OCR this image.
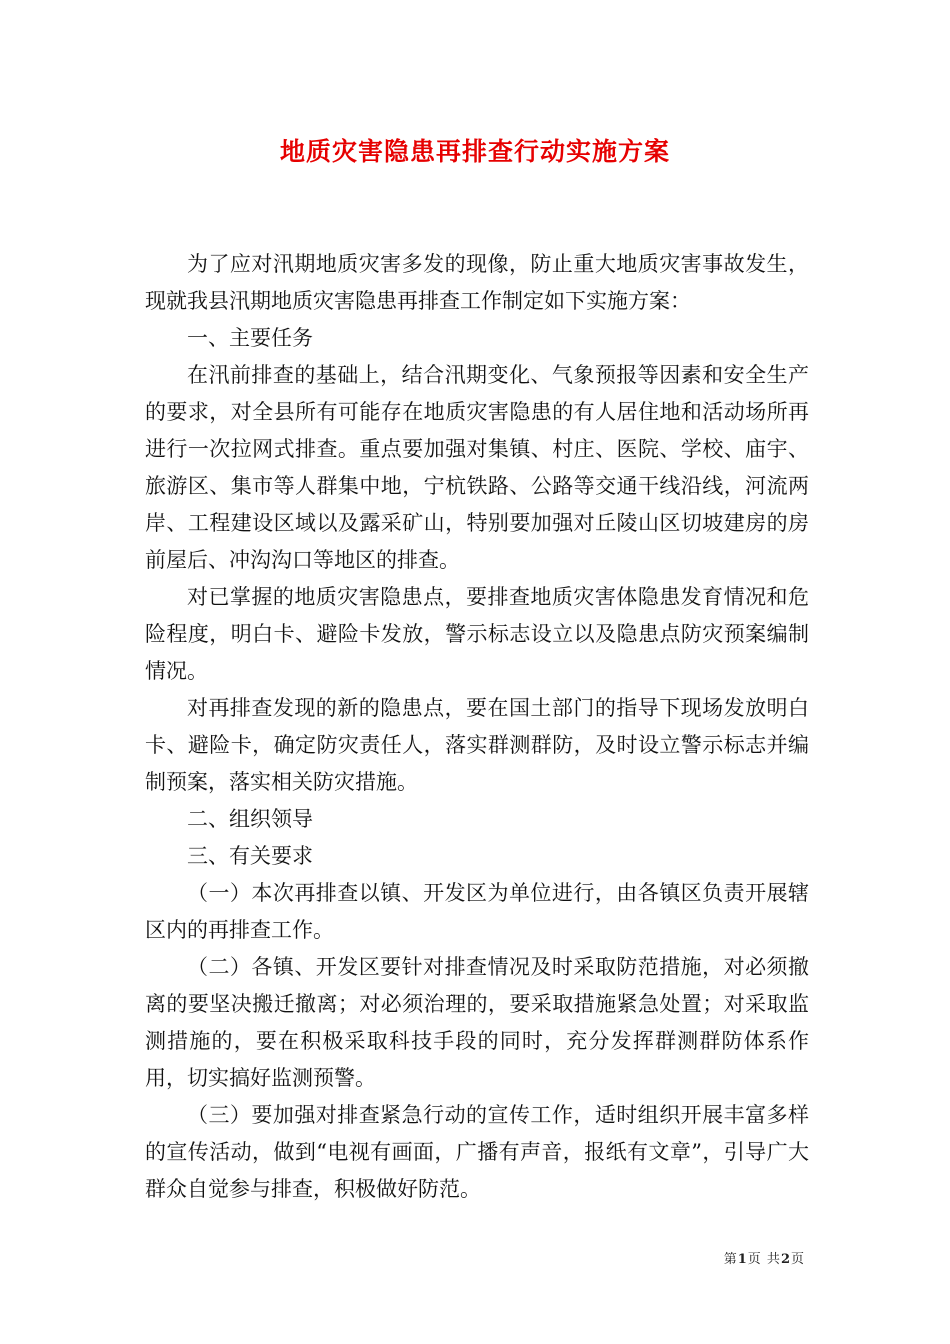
地质灾害隐患再排查行动实施方案

为了应对汛期地质灾害多发的现像，防止重大地质灾害事故发生，现就我县汛期地质灾害隐患再排查工作制定如下实施方案：

一、主要任务

在汛前排查的基础上，结合汛期变化、气象预报等因素和安全生产的要求，对全县所有可能存在地质灾害隐患的有人居住地和活动场所再进行一次拉网式排查。重点要加强对集镇、村庄、医院、学校、庙宇、旅游区、集市等人群集中地，宁杭铁路、公路等交通干线沿线，河流两岸、工程建设区域以及露采矿山，特别要加强对丘陵山区切坡建房的房前屋后、冲沟沟口等地区的排查。

对已掌握的地质灾害隐患点，要排查地质灾害体隐患发育情况和危险程度，明白卡、避险卡发放，警示标志设立以及隐患点防灾预案编制情况。

对再排查发现的新的隐患点，要在国土部门的指导下现场发放明白卡、避险卡，确定防灾责任人，落实群测群防，及时设立警示标志并编制预案，落实相关防灾措施。

二、组织领导

三、有关要求

（一）本次再排查以镇、开发区为单位进行，由各镇区负责开展辖区内的再排查工作。

（二）各镇、开发区要针对排查情况及时采取防范措施，对必须撤离的要坚决搬迁撤离；对必须治理的，要采取措施紧急处置；对采取监测措施的，要在积极采取科技手段的同时，充分发挥群测群防体系作用，切实搞好监测预警。

（三）要加强对排查紧急行动的宣传工作，适时组织开展丰富多样的宣传活动，做到“电视有画面，广播有声音，报纸有文章”，引导广大群众自觉参与排查，积极做好防范。

第1页 共2页
